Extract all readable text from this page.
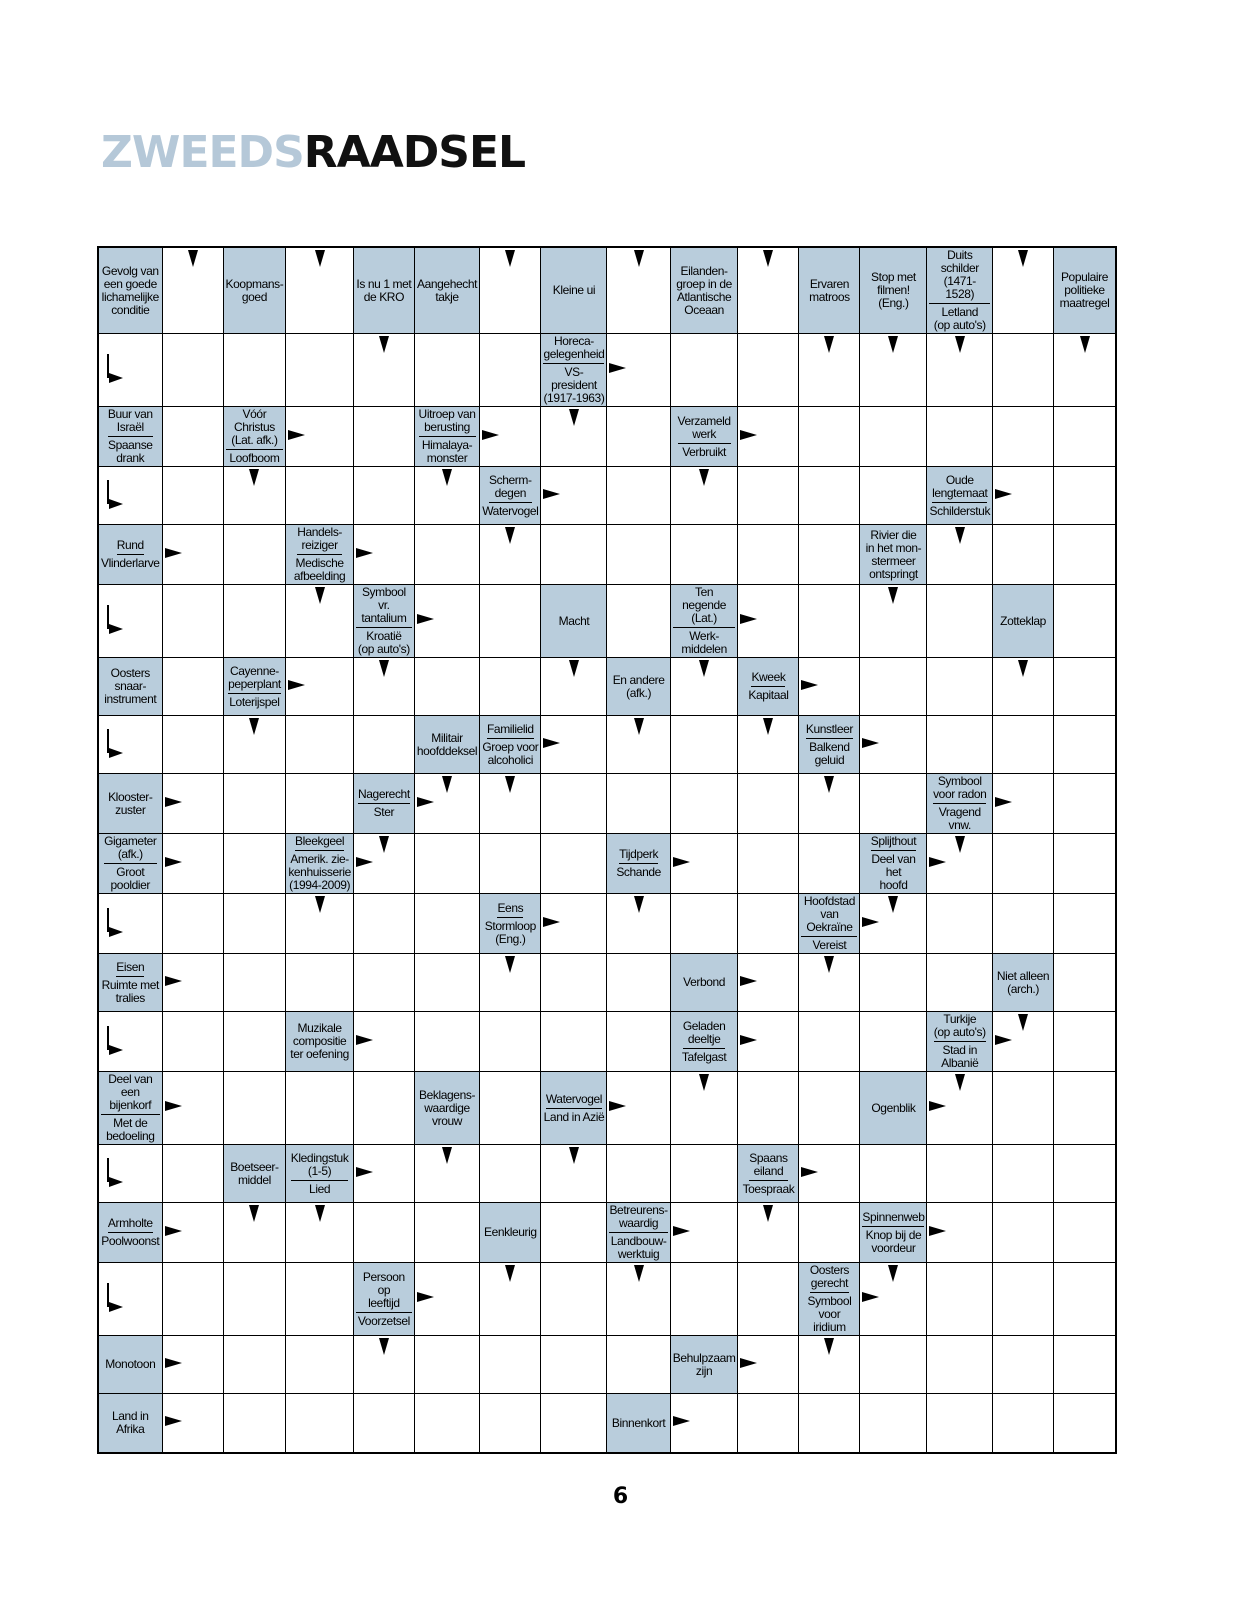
ZWEEDSRAADSEL
Gevolg van
een goede
lichamelijke
conditie
Koopmans-
goed
Is nu 1 met
de KRO
Aangehecht
takje	Kleine ui
Eilanden-
groep in de
Atlantische
Oceaan
Ervaren
matroos
Stop met
filmen!
(Eng.)
Duits schilder
(1471-1528)
Letland
(op auto's)
Populaire
politieke
maatregel
Horeca-
gelegenheid
VS-president
(1917-1963)
Buur van
Israël
Spaanse
drank
Vóór Christus
(Lat. afk.)
Loofboom
Uitroep van
berusting
Himalaya-
monster
Verzameld
werk
Verbruikt
Scherm-
degen
Watervogel
Oude
lengtemaat
Schilderstuk
Rund
Vlinderlarve
Handels-
reiziger
Medische
afbeelding
Rivier die
in het mon-
stermeer
ontspringt
Symbool vr.
tantalium
Kroatië
(op auto's)
Macht
Ten negende
(Lat.)
Werk-
middelen
Zotteklap
Oosters
snaar-
instrument
Cayenne-
peperplant
Loterijspel
En andere
(afk.)
Kweek
Kapitaal
Militair
hoofddeksel
Familielid
Groep voor
alcoholici
Kunstleer
Balkend
geluid
Klooster-
zuster
Nagerecht
Ster
Symbool
voor radon
Vragend
vnw.
Gigameter
(afk.)
Groot
pooldier
Bleekgeel
Amerik. zie-
kenhuisserie
(1994-2009)
Tijdperk
Schande
Splijthout
Deel van het
hoofd
Eens
Stormloop
(Eng.)
Hoofdstad
van Oekraïne
Vereist
Eisen
Ruimte met
tralies
Verbond	Niet alleen
(arch.)
Muzikale
compositie
ter oefening
Geladen
deeltje
Tafelgast
Turkije
(op auto's)
Stad in
Albanië
Deel van een
bijenkorf
Met de
bedoeling
Beklagens-
waardige
vrouw
Watervogel
Land in Azië
Ogenblik
Boetseer-
middel
Kledingstuk
(1-5)
Lied
Spaans
eiland
Toespraak
Armholte
Poolwoonst
Eenkleurig
Betreurens-
waardig
Landbouw-
werktuig
Spinnenweb
Knop bij de
voordeur
Persoon op
leeftijd
Voorzetsel
Oosters
gerecht
Symbool
voor iridium
Monotoon	Behulpzaam
zijn
Land in
Afrika	Binnenkort
6
